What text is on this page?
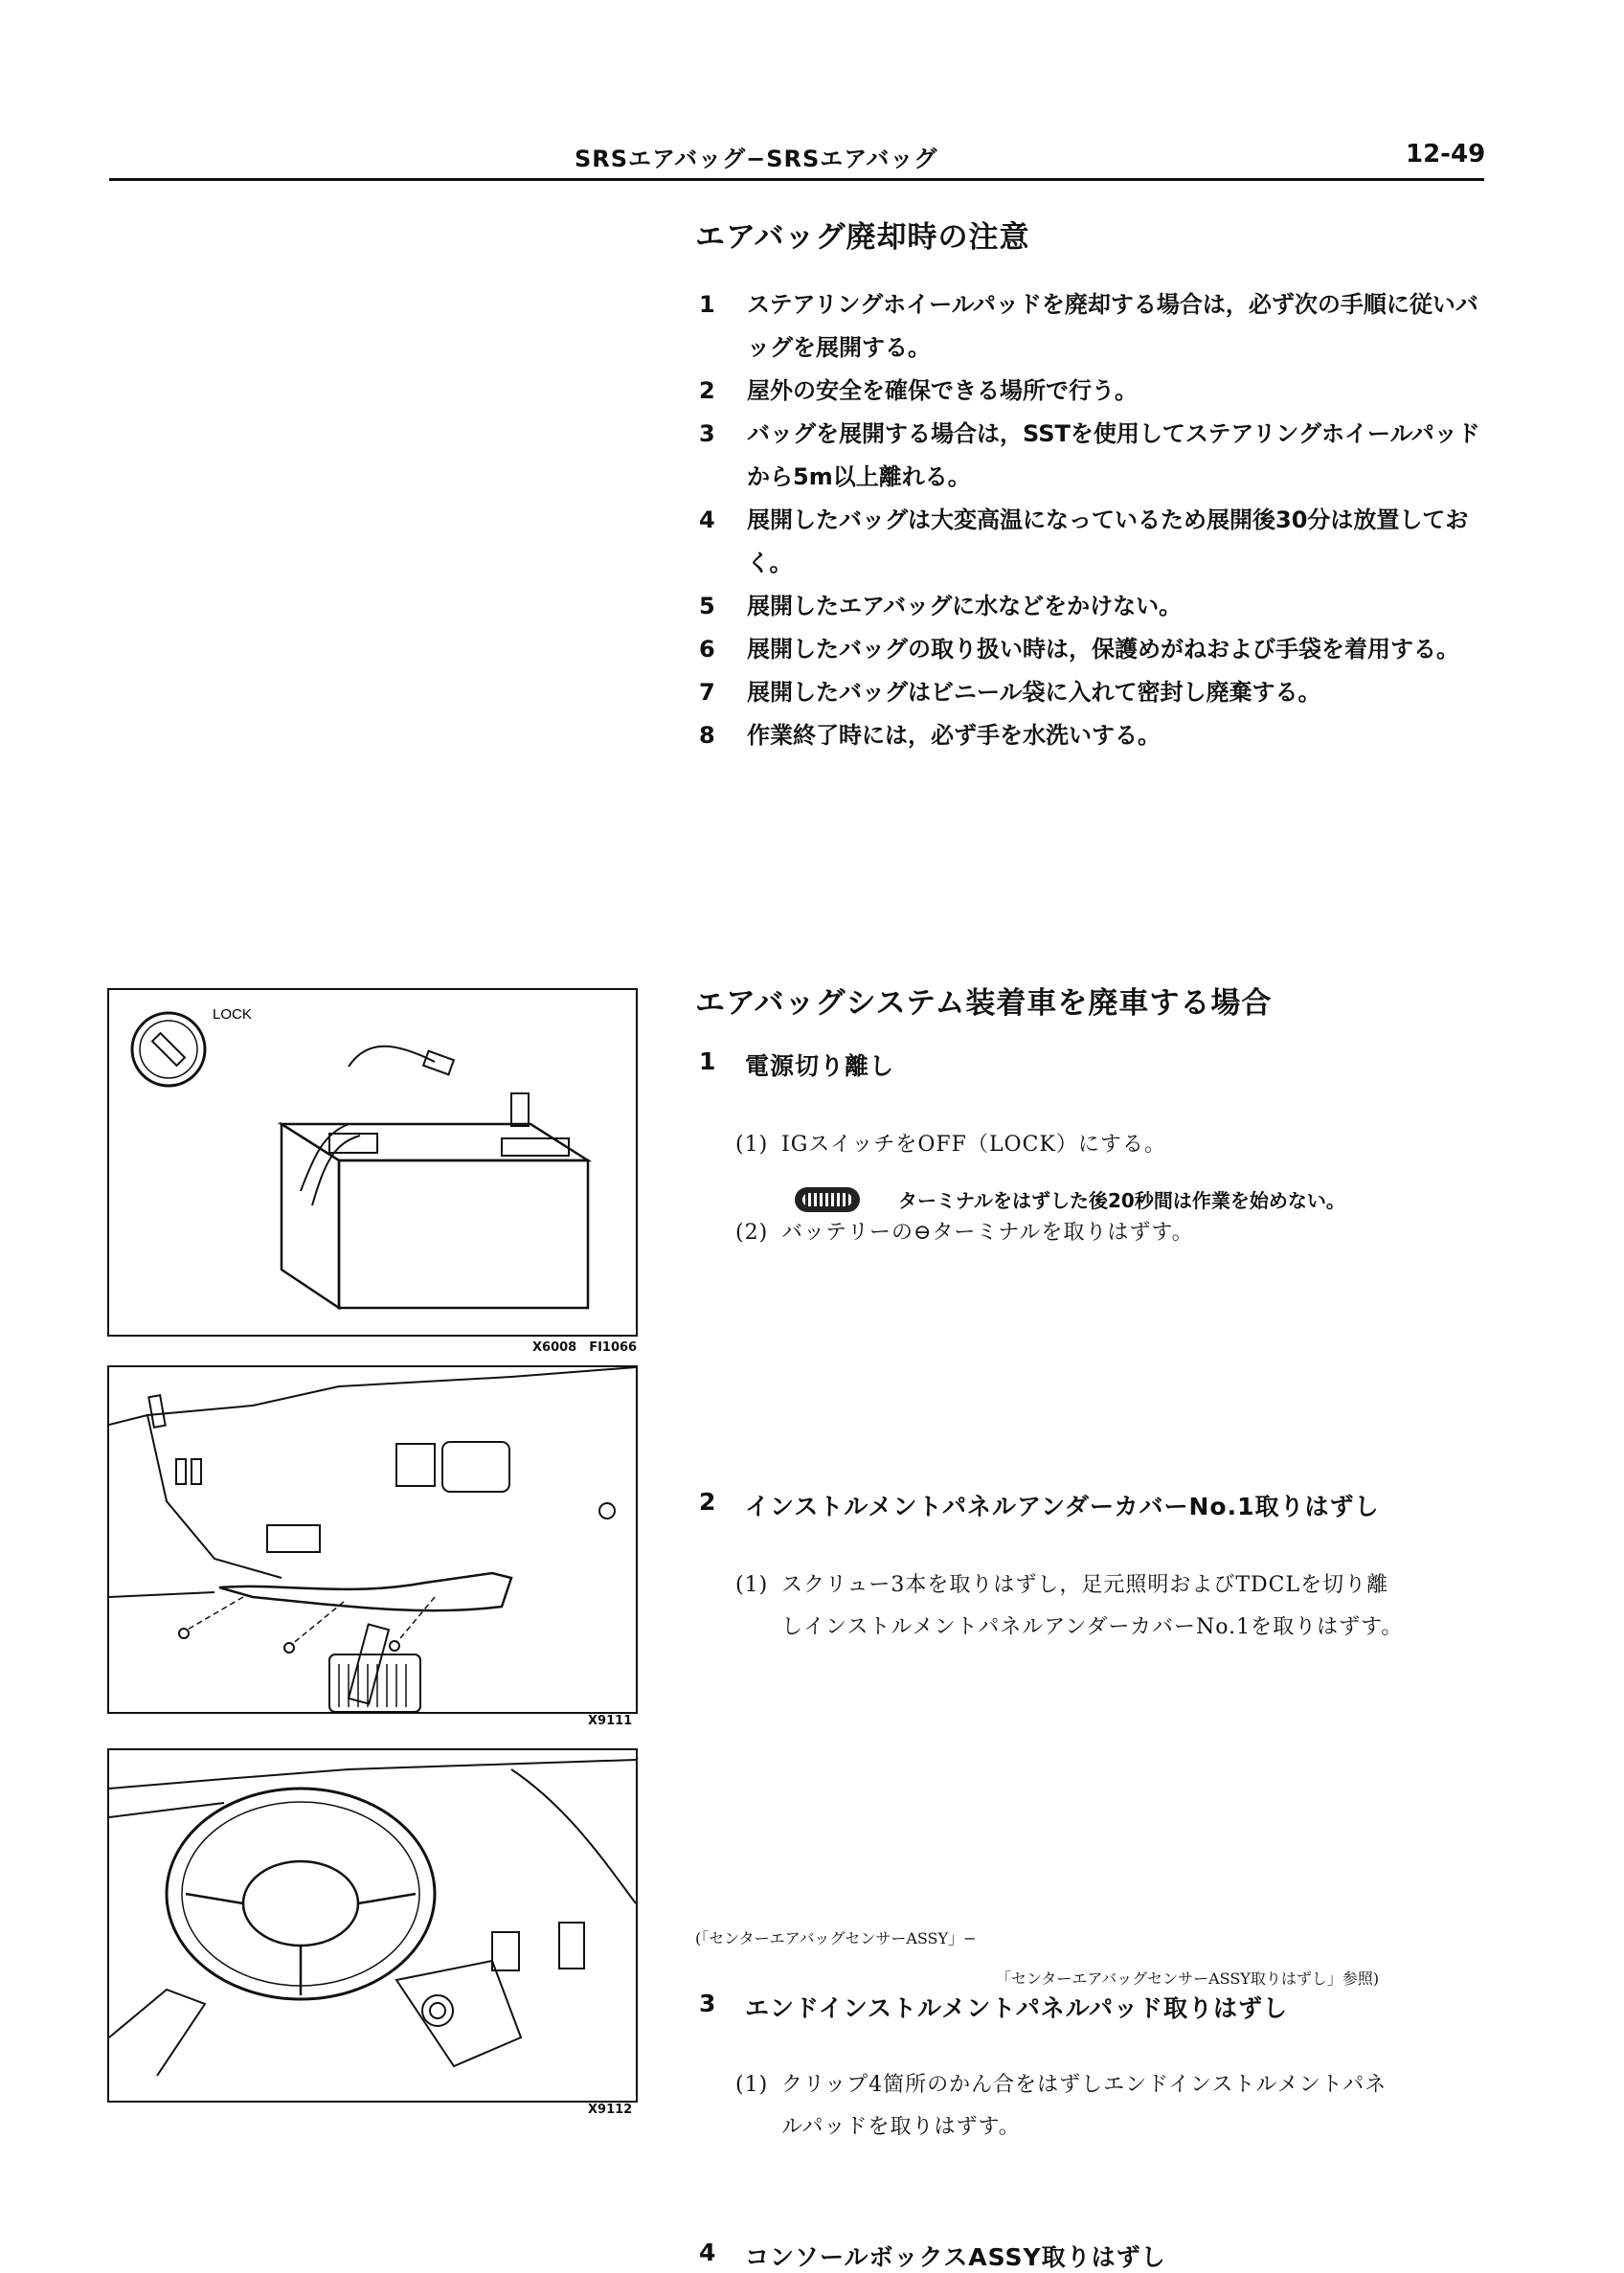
SRSエアバッグ−SRSエアバッグ	12-49
エアバッグ廃却時の注意
1	ステアリングホイールパッドを廃却する場合は，必ず次の手順に従いバッグを展開する。
2	屋外の安全を確保できる場所で行う。
3	バッグを展開する場合は，SSTを使用してステアリングホイールパッドから5m以上離れる。
4	展開したバッグは大変高温になっているため展開後30分は放置しておく。
5	展開したエアバッグに水などをかけない。
6	展開したバッグの取り扱い時は，保護めがねおよび手袋を着用する。
7	展開したバッグはビニール袋に入れて密封し廃棄する。
8	作業終了時には，必ず手を水洗いする。
LOCK
X6008　FI1066
X9111
X9112
エアバッグシステム装着車を廃車する場合
1 電源切り離し
(1) IGスイッチをOFF（LOCK）にする。
(2) バッテリーの⊖ターミナルを取りはずす。
ターミナルをはずした後20秒間は作業を始めない。
2 インストルメントパネルアンダーカバーNo.1取りはずし
(1) スクリュー3本を取りはずし，足元照明およびTDCLを切り離
しインストルメントパネルアンダーカバーNo.1を取りはずす。
3 エンドインストルメントパネルパッド取りはずし
(1) クリップ4箇所のかん合をはずしエンドインストルメントパネ
ルパッドを取りはずす。
4 コンソールボックスASSY取りはずし
(「センターエアバッグセンサーASSY」−
「センターエアバッグセンサーASSY取りはずし」参照)
